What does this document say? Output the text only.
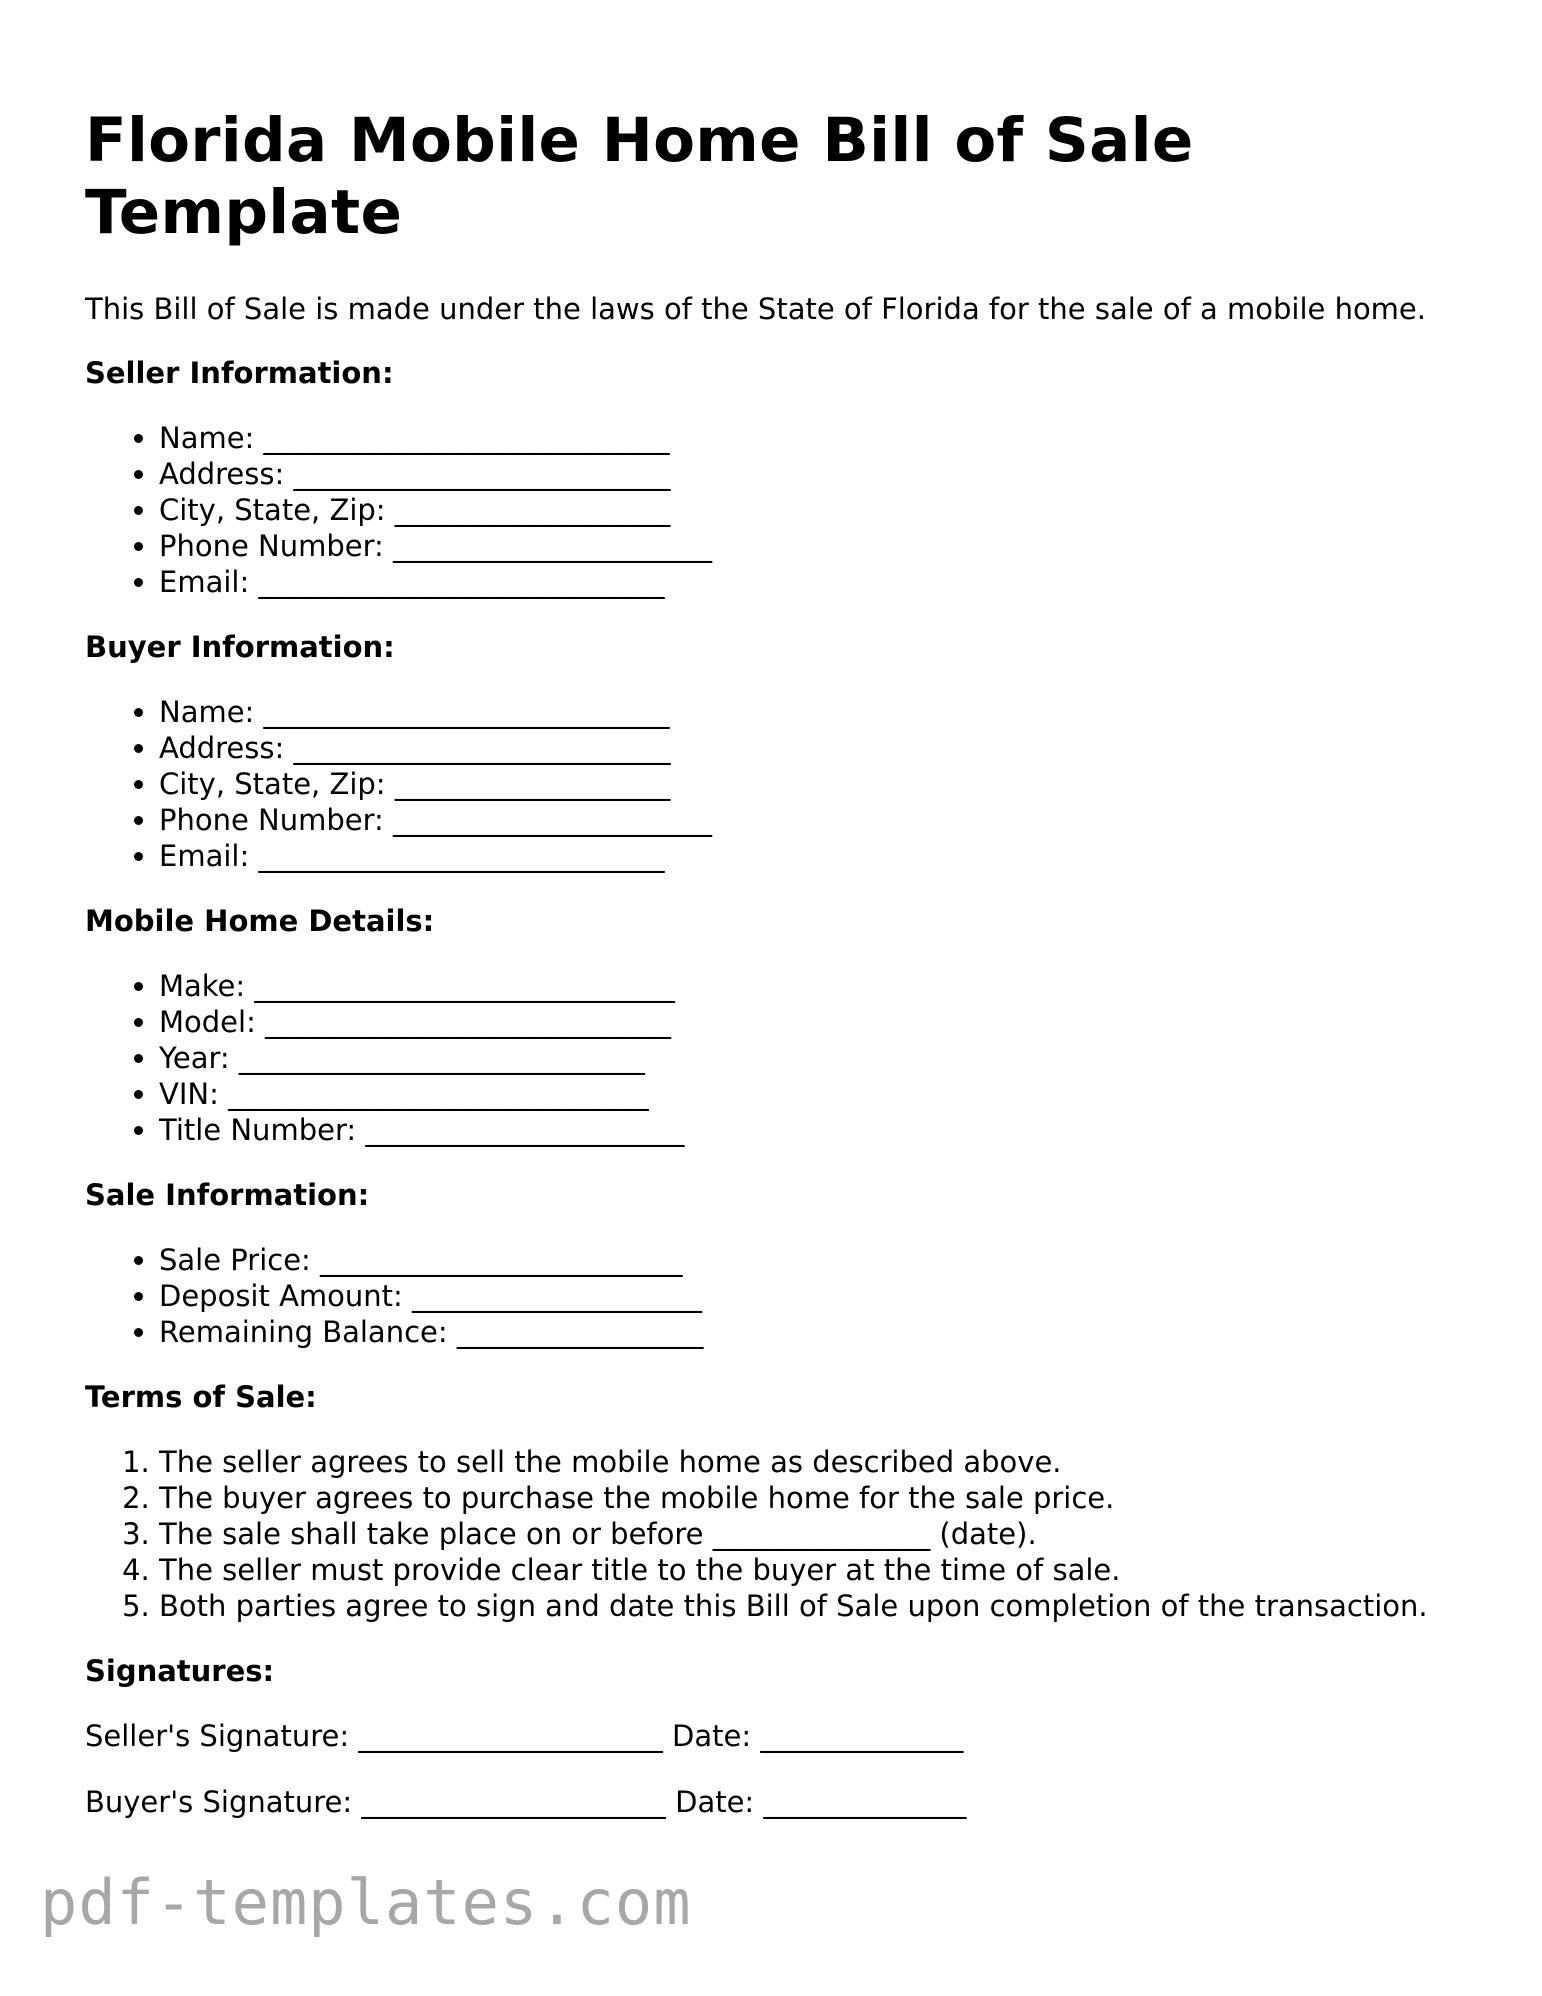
Florida Mobile Home Bill of Sale Template

This Bill of Sale is made under the laws of the State of Florida for the sale of a mobile home.

Seller Information:
• Name: ____________________________
• Address: __________________________
• City, State, Zip: ___________________
• Phone Number: ______________________
• Email: ____________________________
Buyer Information:
• Name: ____________________________
• Address: __________________________
• City, State, Zip: ___________________
• Phone Number: ______________________
• Email: ____________________________
Mobile Home Details:
• Make: _____________________________
• Model: ____________________________
• Year: ____________________________
• VIN: _____________________________
• Title Number: ______________________
Sale Information:
• Sale Price: _________________________
• Deposit Amount: ____________________
• Remaining Balance: _________________
Terms of Sale:
1. The seller agrees to sell the mobile home as described above.
2. The buyer agrees to purchase the mobile home for the sale price.
3. The sale shall take place on or before _______________ (date).
4. The seller must provide clear title to the buyer at the time of sale.
5. Both parties agree to sign and date this Bill of Sale upon completion of the transaction.
Signatures:

Seller's Signature: _____________________ Date: ______________

Buyer's Signature: _____________________ Date: ______________

pdf-templates.com
